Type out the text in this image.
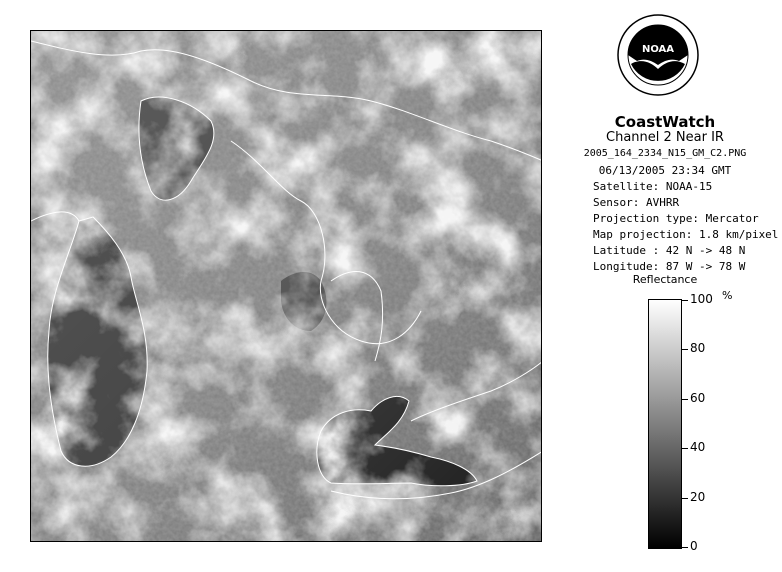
NOAA
CoastWatch
Channel 2 Near IR
2005_164_2334_N15_GM_C2.PNG
06/13/2005 23:34 GMT
Satellite: NOAA-15
Sensor: AVHRR
Projection type: Mercator
Map projection: 1.8 km/pixel
Latitude : 42 N -> 48 N
Longitude: 87 W -> 78 W
Reflectance
%
100
80
60
40
20
0
